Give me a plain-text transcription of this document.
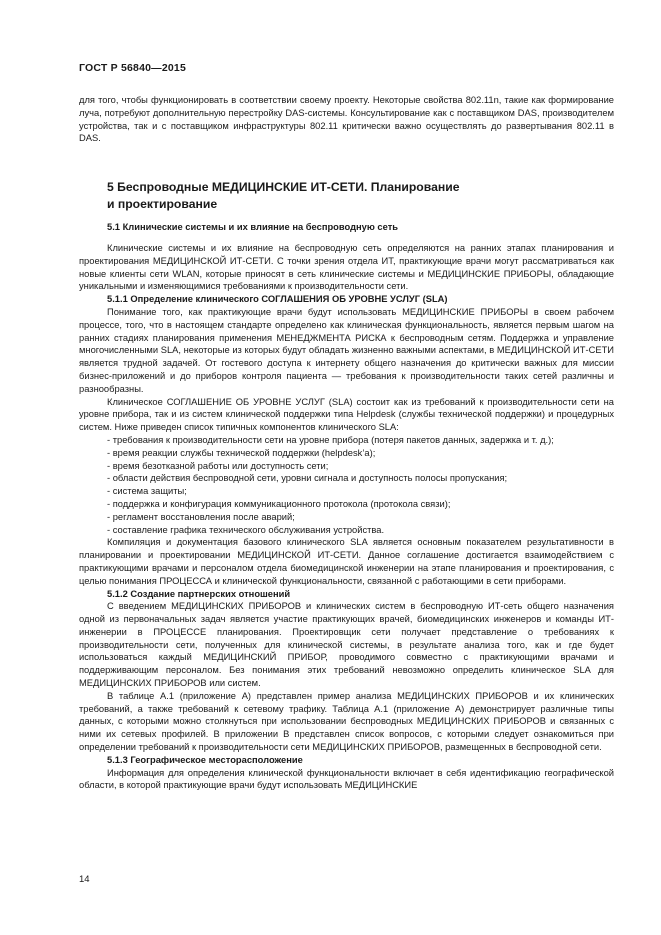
ГОСТ Р 56840—2015

для того, чтобы функционировать в соответствии своему проекту. Некоторые свойства 802.11n, такие как формирование луча, потребуют дополнительную перестройку DAS-системы. Консультирование как с поставщиком DAS, производителем устройства, так и с поставщиком инфраструктуры 802.11 критически важно осуществлять до развертывания 802.11 в DAS.

5 Беспроводные МЕДИЦИНСКИЕ ИТ-СЕТИ. Планирование
и проектирование
5.1 Клинические системы и их влияние на беспроводную сеть

Клинические системы и их влияние на беспроводную сеть определяются на ранних этапах планирования и проектирования МЕДИЦИНСКОЙ ИТ-СЕТИ. С точки зрения отдела ИТ, практикующие врачи могут рассматриваться как новые клиенты сети WLAN, которые приносят в сеть клинические системы и МЕДИЦИНСКИЕ ПРИБОРЫ, обладающие уникальными и изменяющимися требованиями к производительности сети.

5.1.1 Определение клинического СОГЛАШЕНИЯ ОБ УРОВНЕ УСЛУГ (SLA)

Понимание того, как практикующие врачи будут использовать МЕДИЦИНСКИЕ ПРИБОРЫ в своем рабочем процессе, того, что в настоящем стандарте определено как клиническая функциональность, является первым шагом на ранних стадиях планирования применения МЕНЕДЖМЕНТА РИСКА к беспроводным сетям. Поддержка и управление многочисленными SLA, некоторые из которых будут обладать жизненно важными аспектами, в МЕДИЦИНСКОЙ ИТ-СЕТИ является трудной задачей. От гостевого доступа к интернету общего назначения до критически важных для миссии бизнес-приложений и до приборов контроля пациента — требования к производительности таких сетей различны и разнообразны.

Клиническое СОГЛАШЕНИЕ ОБ УРОВНЕ УСЛУГ (SLA) состоит как из требований к производительности сети на уровне прибора, так и из систем клинической поддержки типа Helpdesk (службы технической поддержки) и процедурных систем. Ниже приведен список типичных компонентов клинического SLA:

- требования к производительности сети на уровне прибора (потеря пакетов данных, задержка и т. д.);
- время реакции службы технической поддержки (helpdesk’a);
- время безотказной работы или доступность сети;
- области действия беспроводной сети, уровни сигнала и доступность полосы пропускания;
- система защиты;
- поддержка и конфигурация коммуникационного протокола (протокола связи);
- регламент восстановления после аварий;
- составление графика технического обслуживания устройства.

Компиляция и документация базового клинического SLA является основным показателем результативности в планировании и проектировании МЕДИЦИНСКОЙ ИТ-СЕТИ. Данное соглашение достигается взаимодействием с практикующими врачами и персоналом отдела биомедицинской инженерии на этапе планирования и проектирования, с целью понимания ПРОЦЕССА и клинической функциональности, связанной с работающими в сети приборами.

5.1.2 Создание партнерских отношений

С введением МЕДИЦИНСКИХ ПРИБОРОВ и клинических систем в беспроводную ИТ-сеть общего назначения одной из первоначальных задач является участие практикующих врачей, биомедицинских инженеров и команды ИТ-инженерии в ПРОЦЕССЕ планирования. Проектировщик сети получает представление о требованиях к производительности сети, полученных для клинической системы, в результате анализа того, как и где будет использоваться каждый МЕДИЦИНСКИЙ ПРИБОР, проводимого совместно с практикующими врачами и поддерживающим персоналом. Без понимания этих требований невозможно определить клиническое SLA для МЕДИЦИНСКИХ ПРИБОРОВ или систем.

В таблице А.1 (приложение А) представлен пример анализа МЕДИЦИНСКИХ ПРИБОРОВ и их клинических требований, а также требований к сетевому трафику. Таблица А.1 (приложение А) демонстрирует различные типы данных, с которыми можно столкнуться при использовании беспроводных МЕДИЦИНСКИХ ПРИБОРОВ и связанных с ними их сетевых профилей. В приложении В представлен список вопросов, с которыми следует ознакомиться при определении требований к производительности сети МЕДИЦИНСКИХ ПРИБОРОВ, размещенных в беспроводной сети.

5.1.3 Географическое месторасположение

Информация для определения клинической функциональности включает в себя идентификацию географической области, в которой практикующие врачи будут использовать МЕДИЦИНСКИЕ

14
